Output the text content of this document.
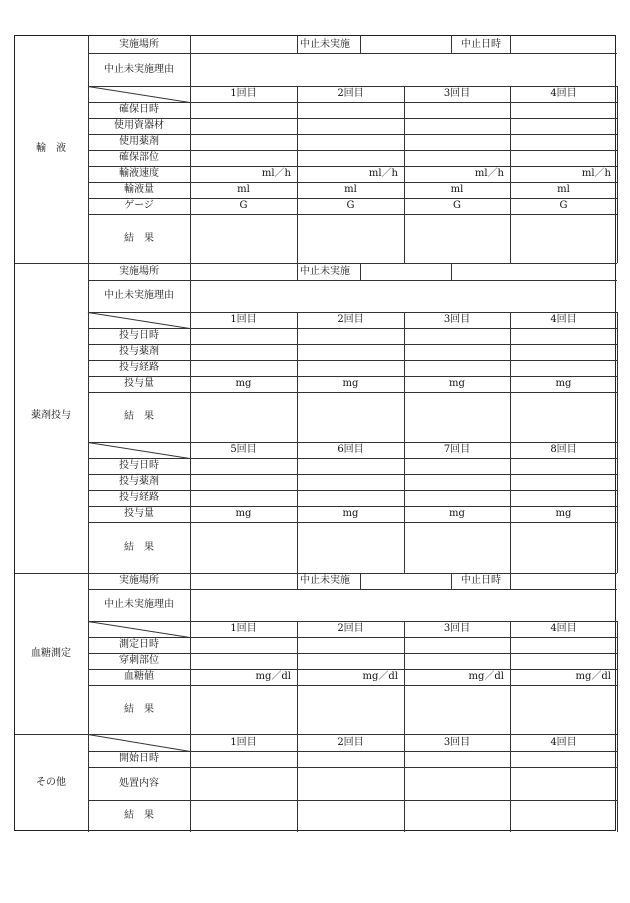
実施場所	中止未実施	中止日時
中止未実施理由
1回目	2回目	3回目	4回目
確保日時
使用資器材
使用薬剤
確保部位
輸液速度	ml／h	ml／h	ml／h	ml／h
輸液量	ml	ml	ml	ml
ゲージ	G	G	G	G
結　果
輸　液
実施場所	中止未実施
中止未実施理由
1回目	2回目	3回目	4回目
投与日時
投与薬剤
投与経路
投与量	mg	mg	mg	mg
結　果
5回目	6回目	7回目	8回目
投与日時
投与薬剤
投与経路
投与量	mg	mg	mg	mg
結　果
薬剤投与
実施場所	中止未実施	中止日時
中止未実施理由
1回目	2回目	3回目	4回目
測定日時
穿刺部位
血糖値	mg／dl	mg／dl	mg／dl	mg／dl
結　果
血糖測定
1回目	2回目	3回目	4回目
開始日時
処置内容
結　果
その他
